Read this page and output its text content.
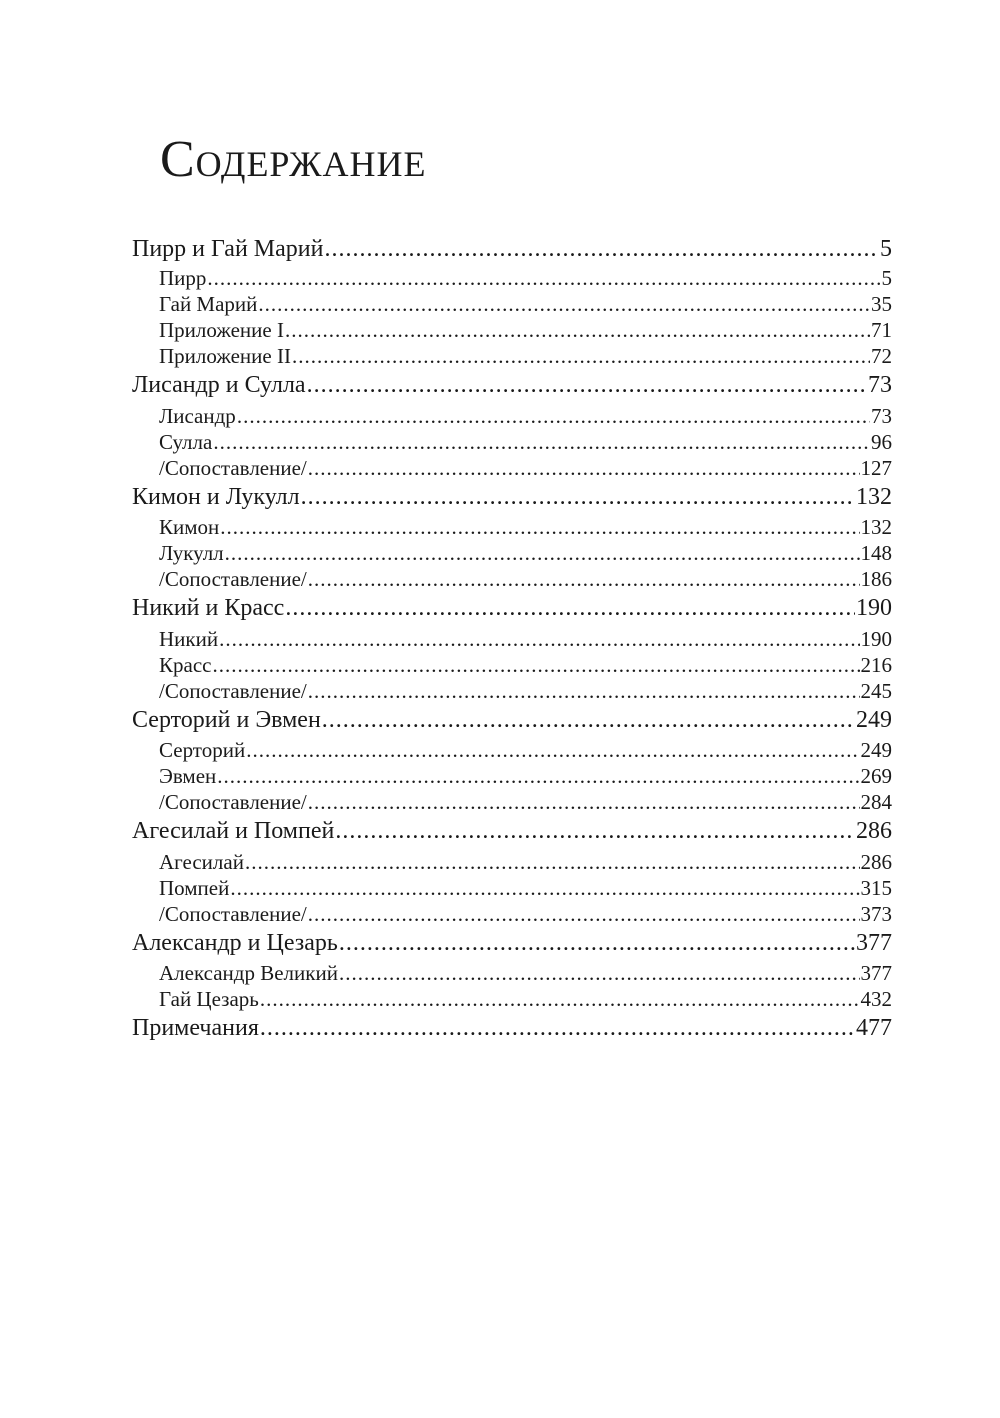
Содержание
Пирр и Гай Марий .....	5
Пирр .....	5
Гай Марий .....	35
Приложение I .....	71
Приложение II .....	72
Лисандр и Сулла .....	73
Лисандр .....	73
Сулла .....	96
/Сопоставление/ .....	127
Кимон и Лукулл .....	132
Кимон .....	132
Лукулл .....	148
/Сопоставление/ .....	186
Никий и Красс .....	190
Никий .....	190
Красс .....	216
/Сопоставление/ .....	245
Серторий и Эвмен .....	249
Серторий .....	249
Эвмен .....	269
/Сопоставление/ .....	284
Агесилай и Помпей .....	286
Агесилай .....	286
Помпей .....	315
/Сопоставление/ .....	373
Александр и Цезарь .....	377
Александр Великий .....	377
Гай Цезарь .....	432
Примечания .....	477
